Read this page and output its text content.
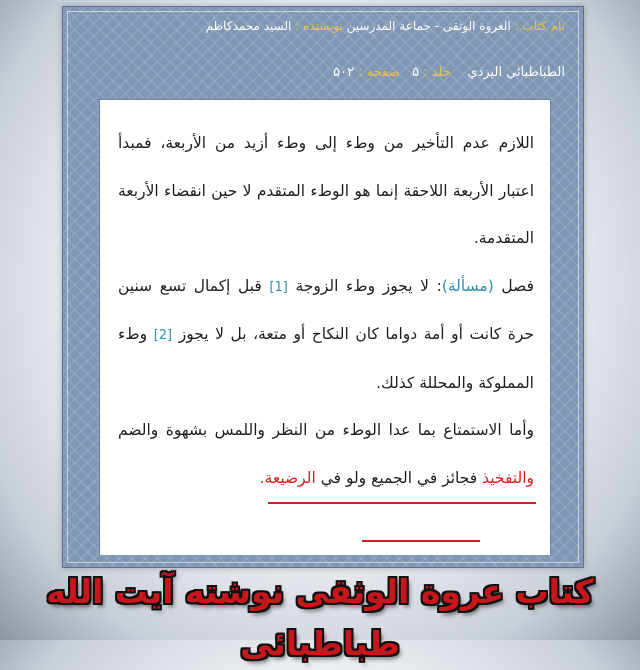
نام کتاب : العروة الوثقى - جماعة المدرسين نويسنده : السيد محمدكاظم
الطباطبائي اليزدي    جلد : ۵   صفحه : ۵۰۲

اللازم عدم التأخير من وطء إلى وطء أزيد من الأربعة، فمبدأ اعتبار الأربعة اللاحقة إنما هو الوطء المتقدم لا حين انقضاء الأربعة المتقدمة.

فصل (مسألة): لا يجوز وطء الزوجة [1] قبل إكمال تسع سنين حرة كانت أو أمة دواما كان النكاح أو متعة، بل لا يجوز [2] وطء المملوكة والمحللة كذلك.

وأما الاستمتاع بما عدا الوطء من النظر واللمس بشهوة والضم والتفخيذ فجائز في الجميع ولو في الرضيعة.

کتاب عروة الوثقى نوشته آيت الله طباطبائى
